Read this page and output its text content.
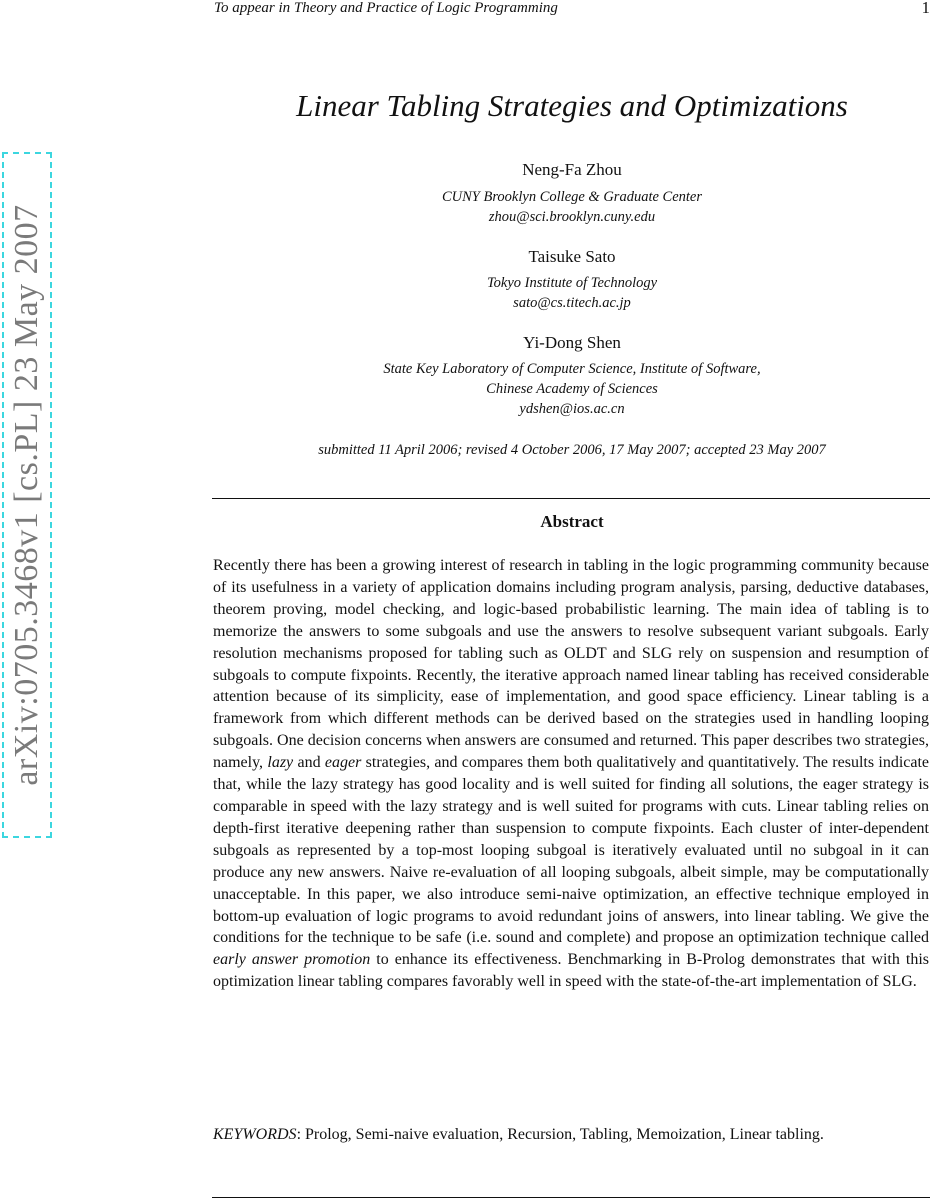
To appear in Theory and Practice of Logic Programming	1
arXiv:0705.3468v1 [cs.PL] 23 May 2007
Linear Tabling Strategies and Optimizations
Neng-Fa Zhou
CUNY Brooklyn College & Graduate Center
zhou@sci.brooklyn.cuny.edu
Taisuke Sato
Tokyo Institute of Technology
sato@cs.titech.ac.jp
Yi-Dong Shen
State Key Laboratory of Computer Science, Institute of Software,
Chinese Academy of Sciences
ydshen@ios.ac.cn
submitted 11 April 2006; revised 4 October 2006, 17 May 2007; accepted 23 May 2007
Abstract

Recently there has been a growing interest of research in tabling in the logic programming community because of its usefulness in a variety of application domains including program analysis, parsing, deductive databases, theorem proving, model checking, and logic-based probabilistic learning. The main idea of tabling is to memorize the answers to some subgoals and use the answers to resolve subsequent variant subgoals. Early resolution mechanisms proposed for tabling such as OLDT and SLG rely on suspension and resumption of subgoals to compute fixpoints. Recently, the iterative approach named linear tabling has received considerable attention because of its simplicity, ease of implementation, and good space efficiency. Linear tabling is a framework from which different methods can be derived based on the strategies used in handling looping subgoals. One decision concerns when answers are consumed and returned. This paper describes two strategies, namely, lazy and eager strategies, and compares them both qualitatively and quantitatively. The results indicate that, while the lazy strategy has good locality and is well suited for finding all solutions, the eager strategy is comparable in speed with the lazy strategy and is well suited for programs with cuts. Linear tabling relies on depth-first iterative deepening rather than suspension to compute fixpoints. Each cluster of inter-dependent subgoals as represented by a top-most looping subgoal is iteratively evaluated until no subgoal in it can produce any new answers. Naive re-evaluation of all looping subgoals, albeit simple, may be computationally unacceptable. In this paper, we also introduce semi-naive optimization, an effective technique employed in bottom-up evaluation of logic programs to avoid redundant joins of answers, into linear tabling. We give the conditions for the technique to be safe (i.e. sound and complete) and propose an optimization technique called early answer promotion to enhance its effectiveness. Benchmarking in B-Prolog demonstrates that with this optimization linear tabling compares favorably well in speed with the state-of-the-art implementation of SLG.

KEYWORDS: Prolog, Semi-naive evaluation, Recursion, Tabling, Memoization, Linear tabling.
